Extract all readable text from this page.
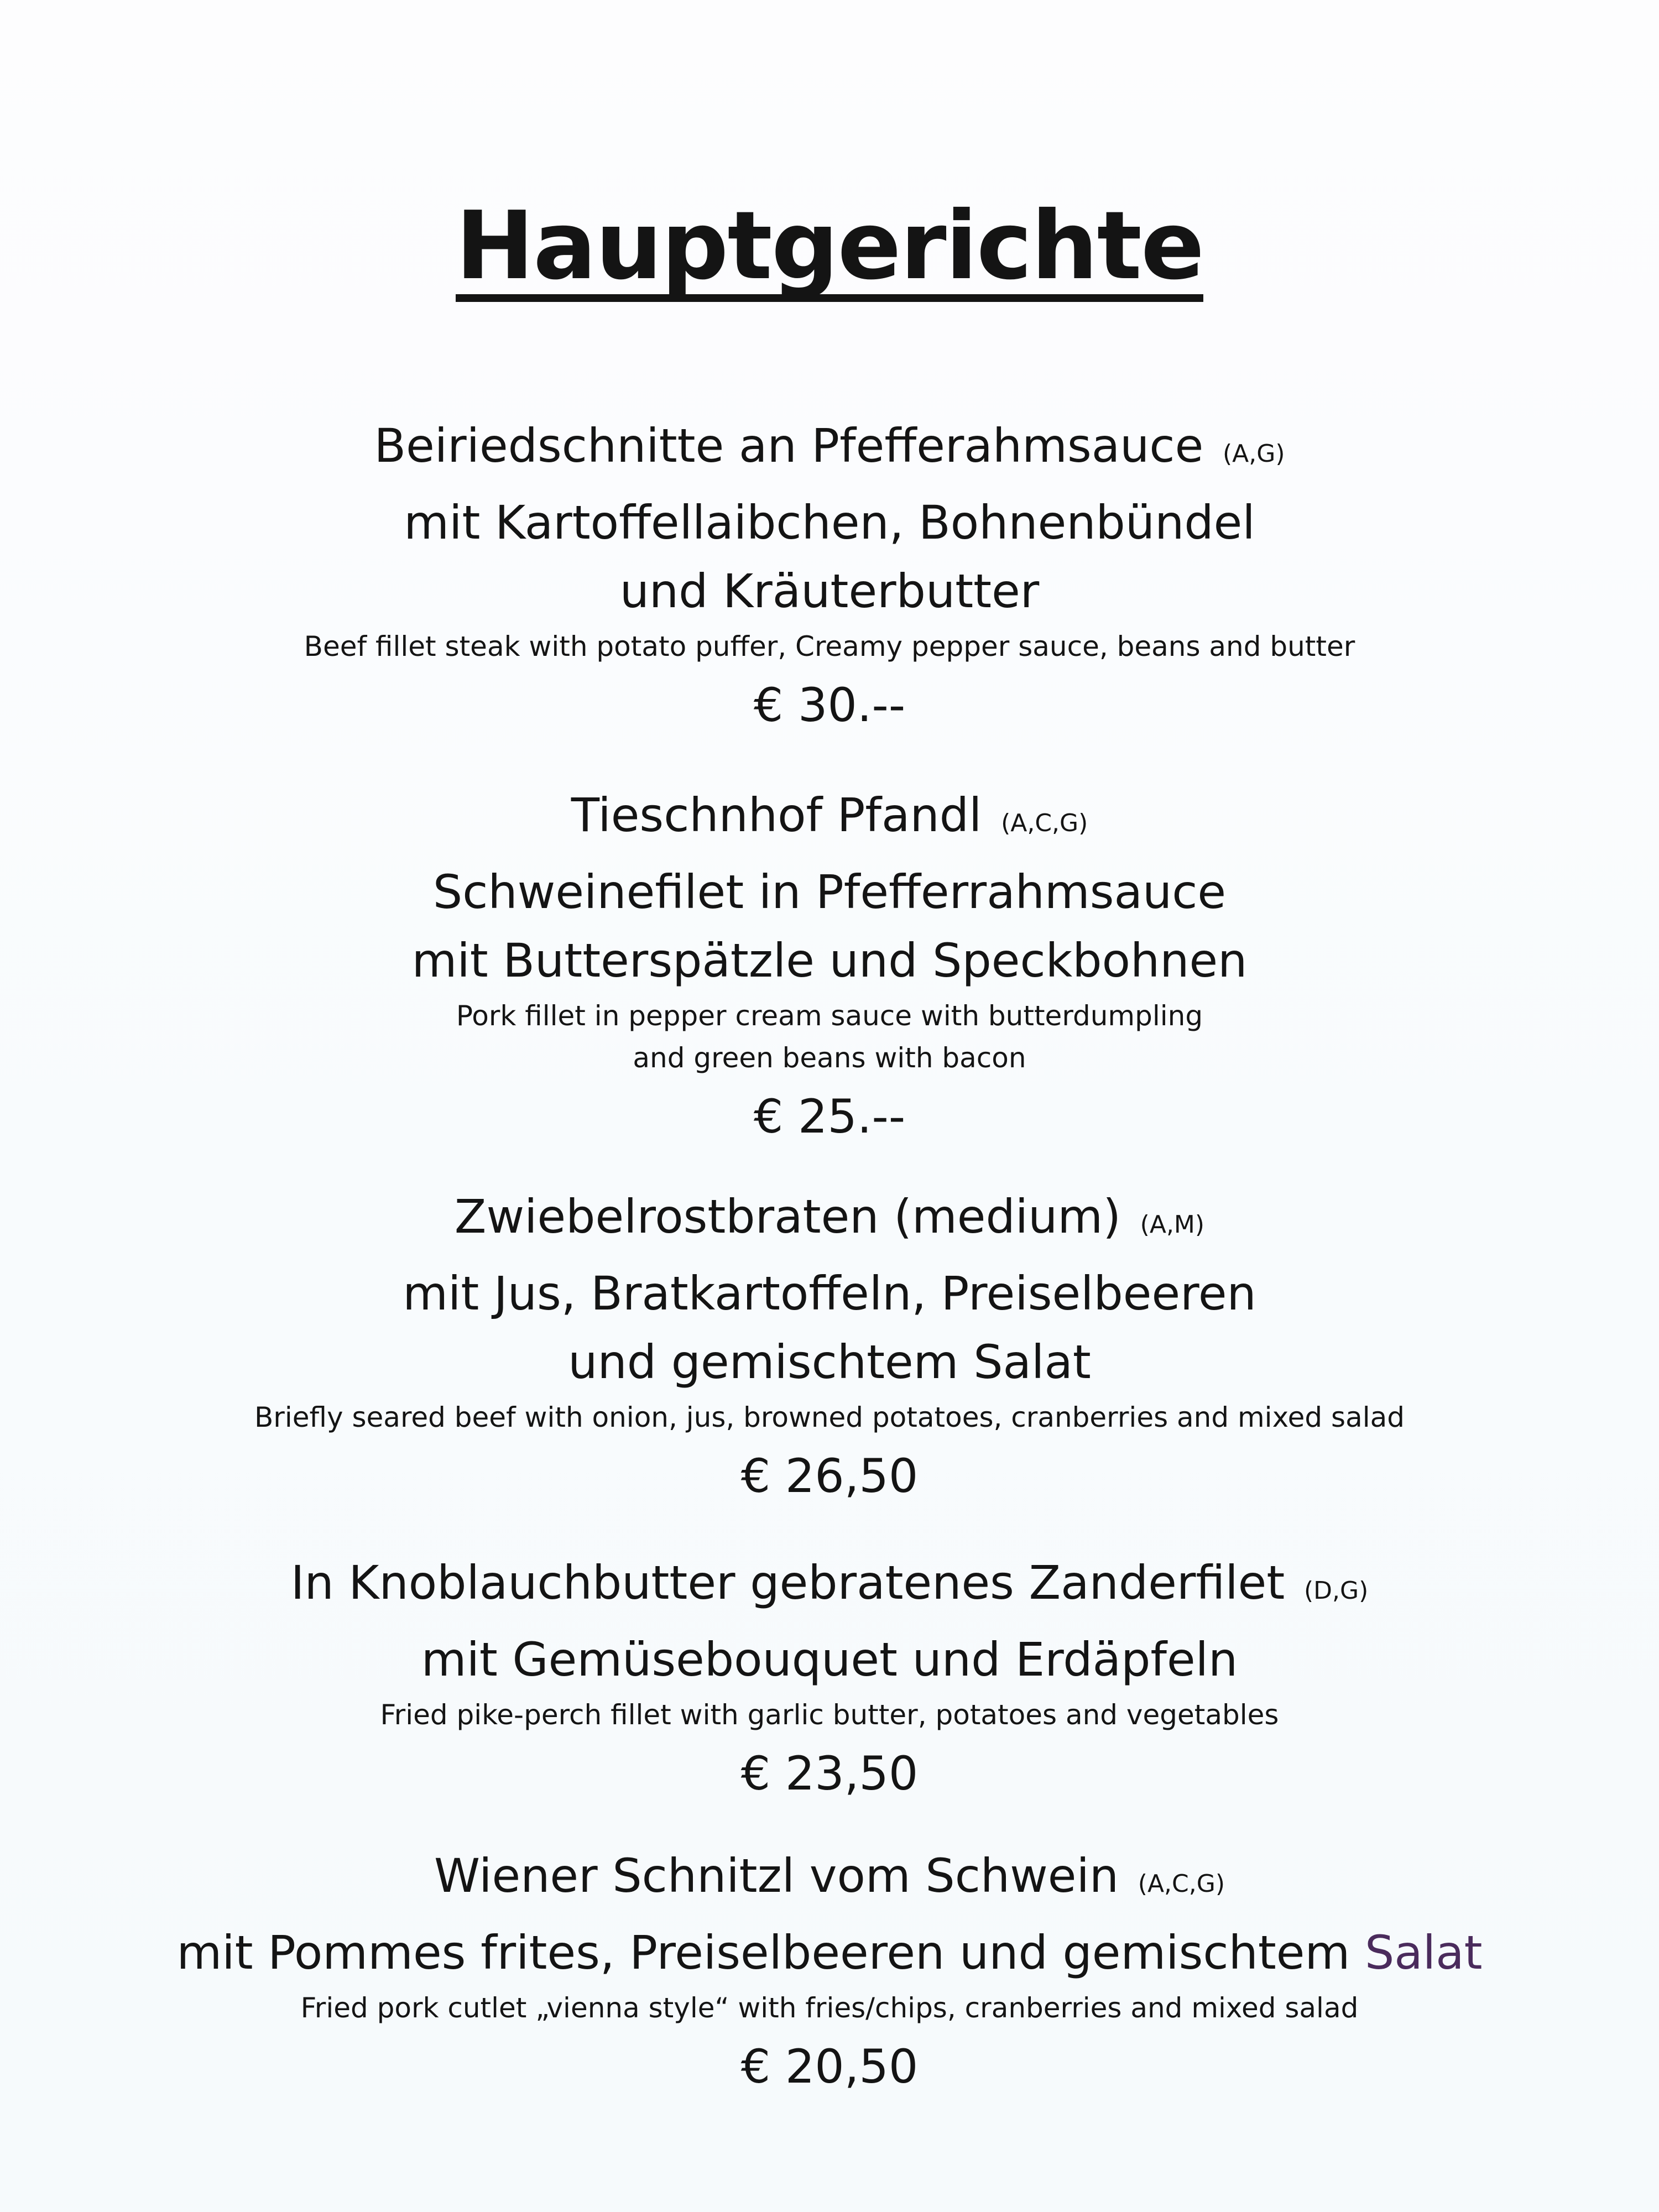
Hauptgerichte
Beiriedschnitte an Pfefferahmsauce (A,G)
mit Kartoffellaibchen, Bohnenbündel
und Kräuterbutter
Beef fillet steak with potato puffer, Creamy pepper sauce, beans and butter
€ 30.--
Tieschnhof Pfandl (A,C,G)
Schweinefilet in Pfefferrahmsauce
mit Butterspätzle und Speckbohnen
Pork fillet in pepper cream sauce with butterdumpling
and green beans with bacon
€ 25.--
Zwiebelrostbraten (medium) (A,M)
mit Jus, Bratkartoffeln, Preiselbeeren
und gemischtem Salat
Briefly seared beef with onion, jus, browned potatoes, cranberries and mixed salad
€ 26,50
In Knoblauchbutter gebratenes Zanderfilet (D,G)
mit Gemüsebouquet und Erdäpfeln
Fried pike-perch fillet with garlic butter, potatoes and vegetables
€ 23,50
Wiener Schnitzl vom Schwein (A,C,G)
mit Pommes frites, Preiselbeeren und gemischtem Salat
Fried pork cutlet „vienna style“ with fries/chips, cranberries and mixed salad
€ 20,50
